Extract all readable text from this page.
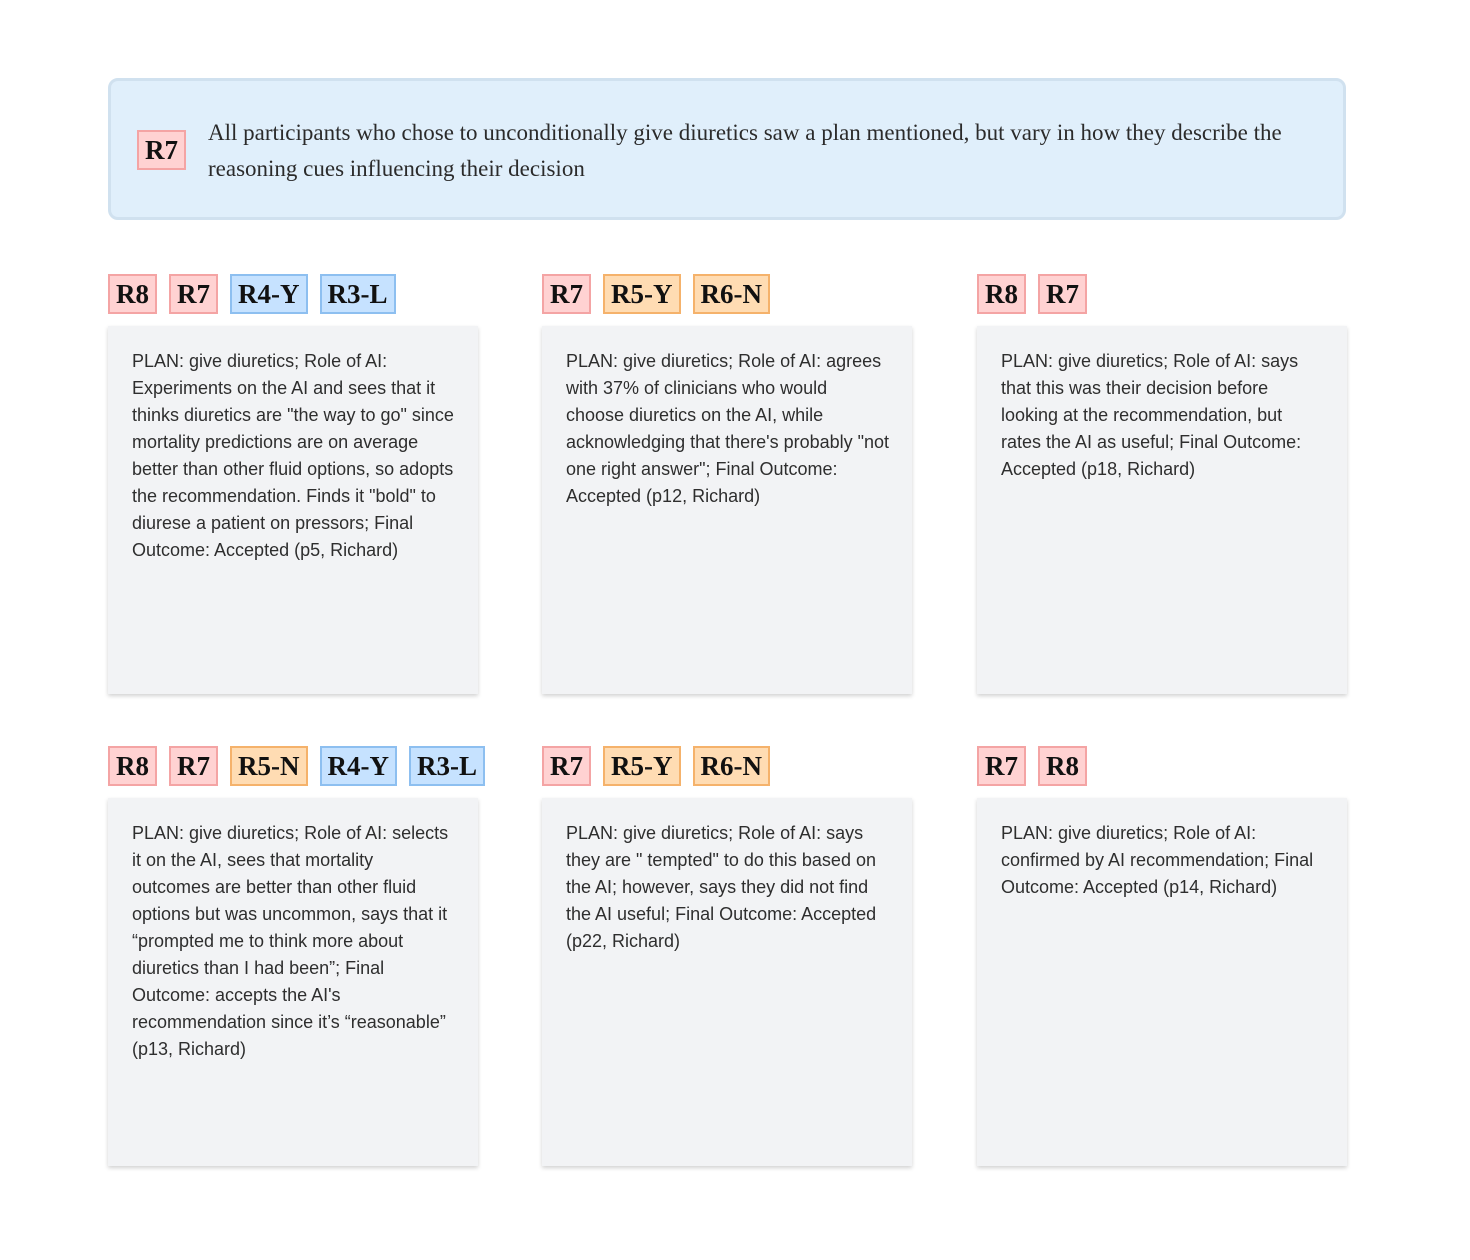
R7
All participants who chose to unconditionally give diuretics saw a plan mentioned, but vary in how they describe the reasoning cues influencing their decision
R8 R7 R4-Y R3-L
PLAN: give diuretics; Role of AI: Experiments on the AI and sees that it thinks diuretics are "the way to go" since mortality predictions are on average better than other fluid options, so adopts the recommendation. Finds it "bold" to diurese a patient on pressors; Final Outcome: Accepted (p5, Richard)
R7 R5-Y R6-N
PLAN: give diuretics; Role of AI: agrees with 37% of clinicians who would choose diuretics on the AI, while acknowledging that there's probably "not one right answer"; Final Outcome: Accepted (p12, Richard)
R8 R7
PLAN: give diuretics; Role of AI: says that this was their decision before looking at the recommendation, but rates the AI as useful; Final Outcome: Accepted (p18, Richard)
R8 R7 R5-N R4-Y R3-L
PLAN: give diuretics; Role of AI: selects it on the AI, sees that mortality outcomes are better than other fluid options but was uncommon, says that it “prompted me to think more about diuretics than I had been”; Final Outcome: accepts the AI's recommendation since it’s “reasonable” (p13, Richard)
R7 R5-Y R6-N
PLAN: give diuretics; Role of AI: says they are " tempted" to do this based on the AI; however, says they did not find the AI useful; Final Outcome: Accepted (p22, Richard)
R7 R8
PLAN: give diuretics; Role of AI: confirmed by AI recommendation; Final Outcome: Accepted (p14, Richard)
